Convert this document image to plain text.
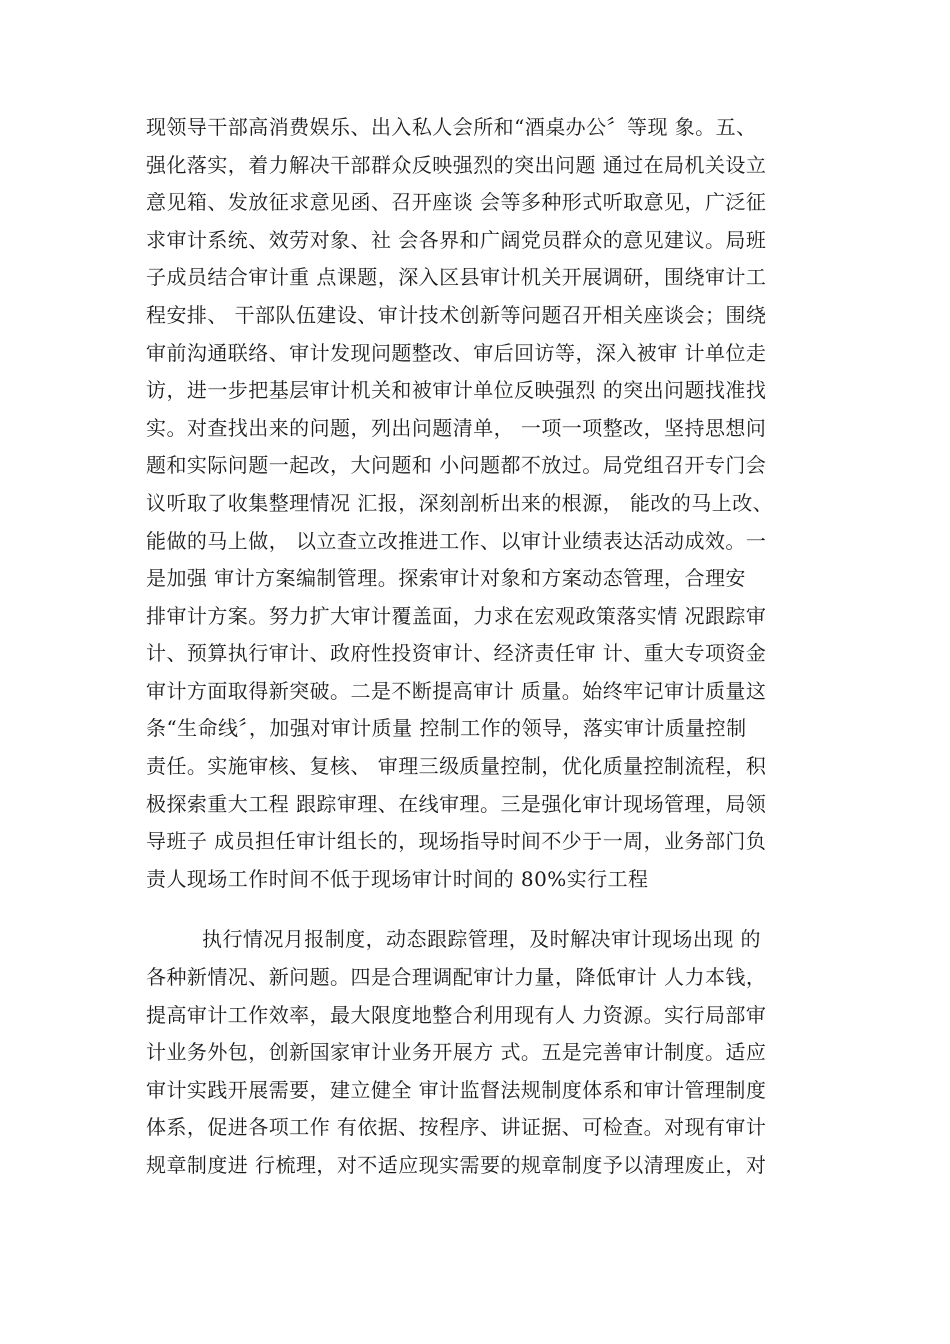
现领导干部高消费娱乐、出入私人会所和“酒桌办公〞等现 象。五、
强化落实，着力解决干部群众反映强烈的突出问题 通过在局机关设立
意见箱、发放征求意见函、召开座谈 会等多种形式听取意见，广泛征
求审计系统、效劳对象、社 会各界和广阔党员群众的意见建议。局班
子成员结合审计重 点课题，深入区县审计机关开展调研，围绕审计工
程安排、 干部队伍建设、审计技术创新等问题召开相关座谈会；围绕
审前沟通联络、审计发现问题整改、审后回访等，深入被审 计单位走
访，进一步把基层审计机关和被审计单位反映强烈 的突出问题找准找
实。对查找出来的问题，列出问题清单， 一项一项整改，坚持思想问
题和实际问题一起改，大问题和 小问题都不放过。局党组召开专门会
议听取了收集整理情况 汇报，深刻剖析出来的根源， 能改的马上改、
能做的马上做， 以立查立改推进工作、以审计业绩表达活动成效。一
是加强 审计方案编制管理。探索审计对象和方案动态管理，合理安
排审计方案。努力扩大审计覆盖面，力求在宏观政策落实情 况跟踪审
计、预算执行审计、政府性投资审计、经济责任审 计、重大专项资金
审计方面取得新突破。二是不断提高审计 质量。始终牢记审计质量这
条“生命线〞，加强对审计质量 控制工作的领导，落实审计质量控制
责任。实施审核、复核、 审理三级质量控制，优化质量控制流程，积
极探索重大工程 跟踪审理、在线审理。三是强化审计现场管理，局领
导班子 成员担任审计组长的，现场指导时间不少于一周，业务部门负
责人现场工作时间不低于现场审计时间的 80%实行工程
执行情况月报制度，动态跟踪管理，及时解决审计现场出现 的
各种新情况、新问题。四是合理调配审计力量，降低审计 人力本钱，
提高审计工作效率，最大限度地整合利用现有人 力资源。实行局部审
计业务外包，创新国家审计业务开展方 式。五是完善审计制度。适应
审计实践开展需要，建立健全 审计监督法规制度体系和审计管理制度
体系，促进各项工作 有依据、按程序、讲证据、可检查。对现有审计
规章制度进 行梳理，对不适应现实需要的规章制度予以清理废止，对
